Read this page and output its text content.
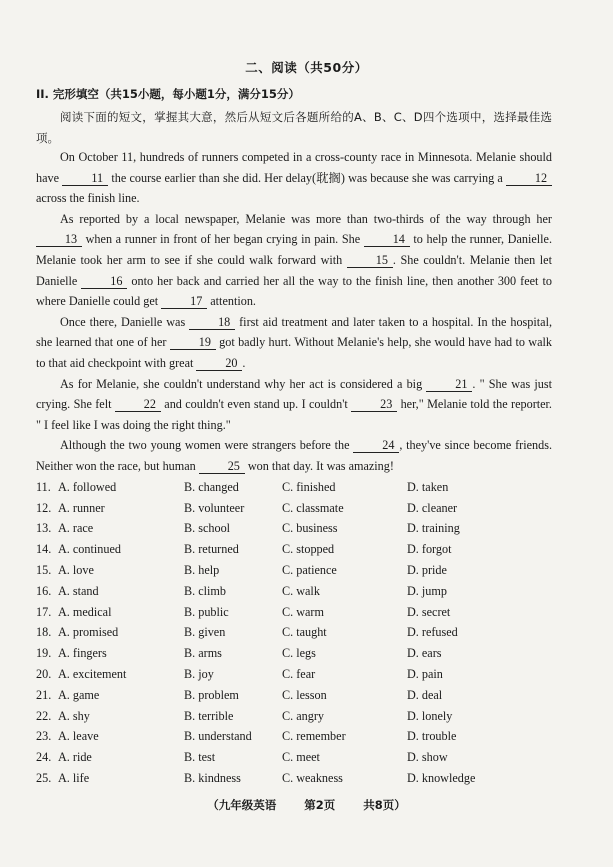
二、阅读（共50分）
II. 完形填空（共15小题，每小题1分，满分15分）
阅读下面的短文，掌握其大意，然后从短文后各题所给的A、B、C、D四个选项中，选择最佳选项。

On October 11, hundreds of runners competed in a cross-county race in Minnesota. Melanie should have 11 the course earlier than she did. Her delay(耽搁) was because she was carrying a 12 across the finish line.

As reported by a local newspaper, Melanie was more than two-thirds of the way through her 13 when a runner in front of her began crying in pain. She 14 to help the runner, Danielle. Melanie took her arm to see if she could walk forward with 15 . She couldn't. Melanie then let Danielle 16 onto her back and carried her all the way to the finish line, then another 300 feet to where Danielle could get 17 attention.

Once there, Danielle was 18 first aid treatment and later taken to a hospital. In the hospital, she learned that one of her 19 got badly hurt. Without Melanie's help, she would have had to walk to that aid checkpoint with great 20 .

As for Melanie, she couldn't understand why her act is considered a big 21 . " She was just crying. She felt 22 and couldn't even stand up. I couldn't 23 her," Melanie told the reporter. " I feel like I was doing the right thing."

Although the two young women were strangers before the 24 , they've since become friends. Neither won the race, but human 25 won that day. It was amazing!

11. A. followed	B. changed	C. finished	D. taken
12. A. runner	B. volunteer	C. classmate	D. cleaner
13. A. race	B. school	C. business	D. training
14. A. continued	B. returned	C. stopped	D. forgot
15. A. love	B. help	C. patience	D. pride
16. A. stand	B. climb	C. walk	D. jump
17. A. medical	B. public	C. warm	D. secret
18. A. promised	B. given	C. taught	D. refused
19. A. fingers	B. arms	C. legs	D. ears
20. A. excitement	B. joy	C. fear	D. pain
21. A. game	B. problem	C. lesson	D. deal
22. A. shy	B. terrible	C. angry	D. lonely
23. A. leave	B. understand	C. remember	D. trouble
24. A. ride	B. test	C. meet	D. show
25. A. life	B. kindness	C. weakness	D. knowledge
（九年级英语 第2页 共8页）
